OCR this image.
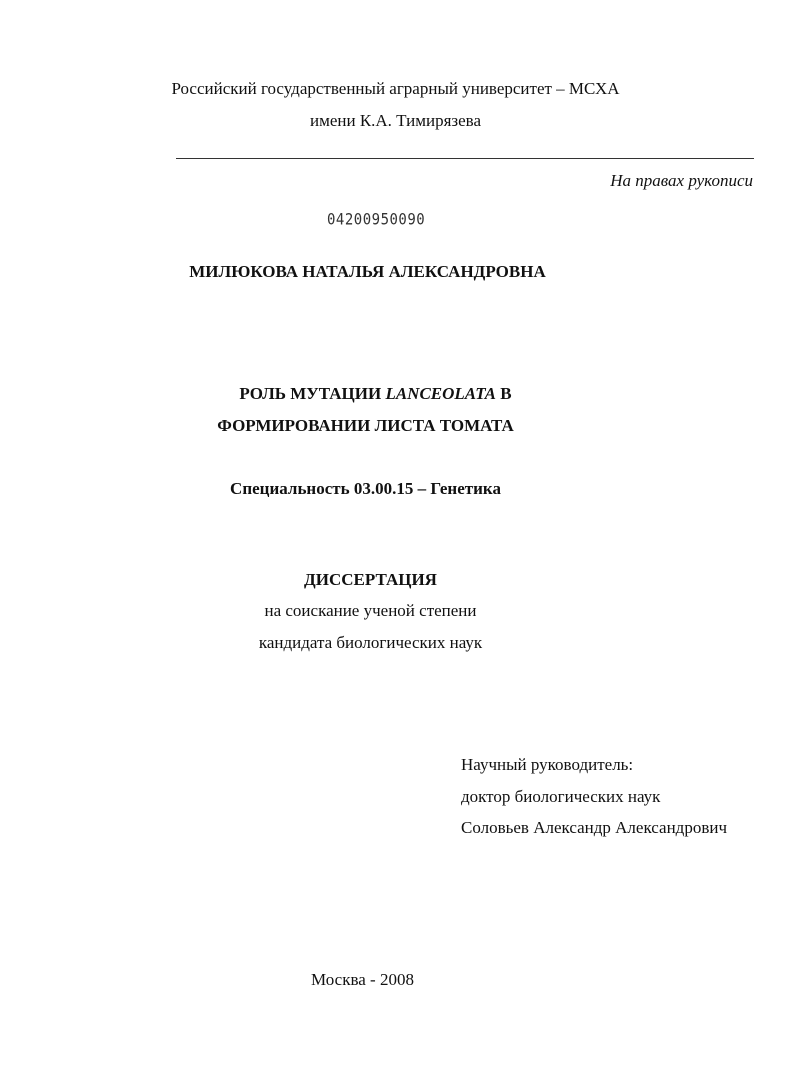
Российский государственный аграрный университет – МСХА
имени К.А. Тимирязева
На правах рукописи
04200950090
МИЛЮКОВА НАТАЛЬЯ АЛЕКСАНДРОВНА
РОЛЬ МУТАЦИИ LANCEOLATA В
ФОРМИРОВАНИИ ЛИСТА ТОМАТА
Специальность 03.00.15 – Генетика
ДИССЕРТАЦИЯ
на соискание ученой степени
кандидата биологических наук
Научный руководитель:
доктор биологических наук
Соловьев Александр Александрович
Москва - 2008
